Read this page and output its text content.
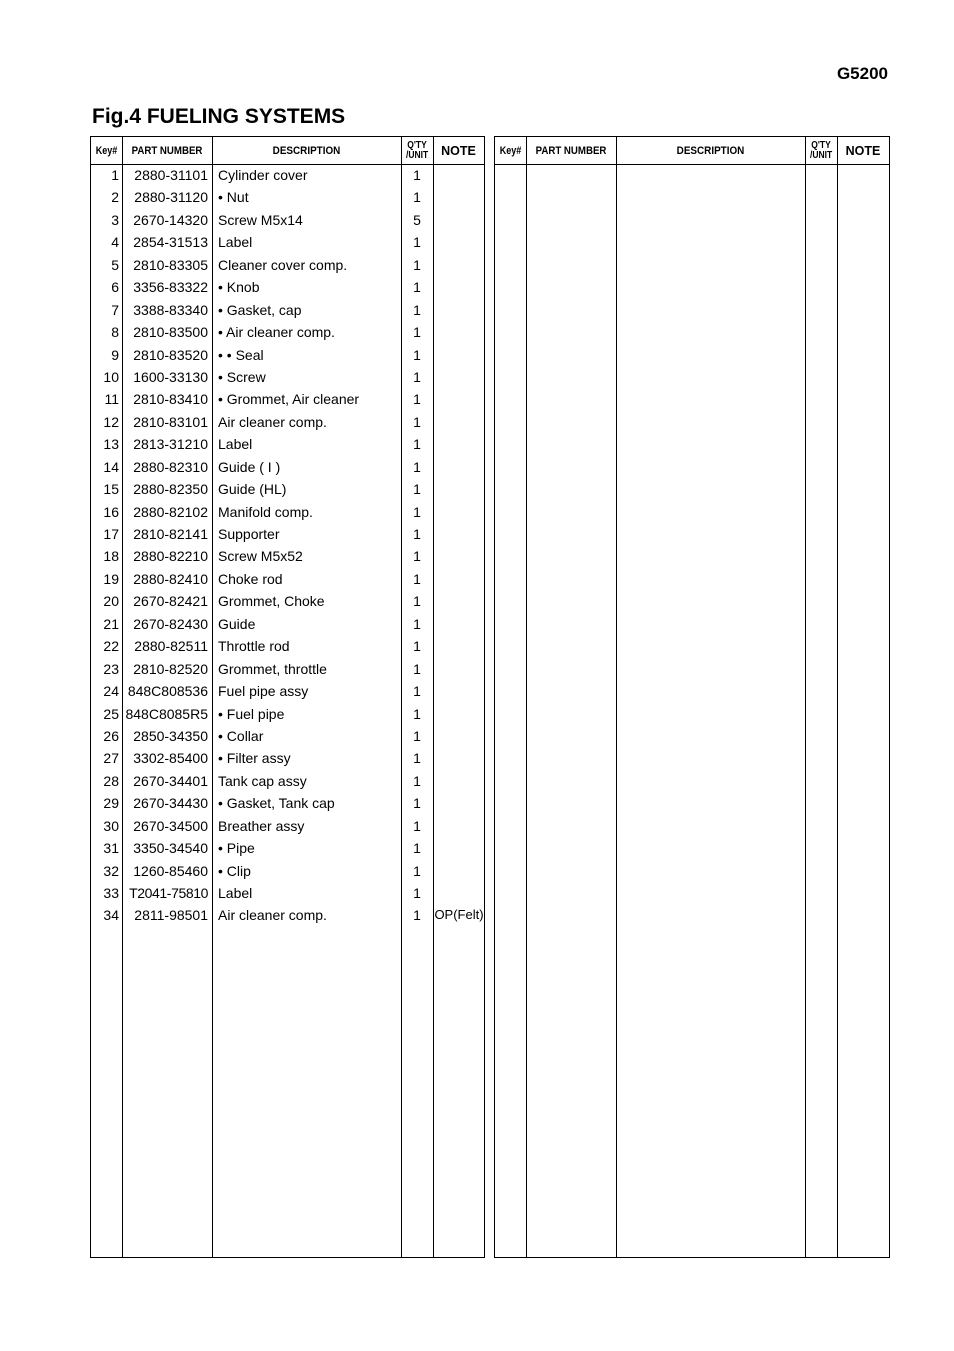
G5200
Fig.4 FUELING SYSTEMS
Key#	PART NUMBER	DESCRIPTION	Q'TY
/UNIT	NOTE
1	2880-31101 Cylinder cover	1
2	2880-31120 • Nut	1
3	2670-14320 Screw M5x14	5
4	2854-31513 Label	1
5	2810-83305 Cleaner cover comp.	1
6	3356-83322 • Knob	1
7	3388-83340 • Gasket, cap	1
8	2810-83500 • Air cleaner comp.	1
9	2810-83520 • • Seal	1
10	1600-33130 • Screw	1
11	2810-83410 • Grommet, Air cleaner	1
12	2810-83101 Air cleaner comp.	1
13	2813-31210 Label	1
14	2880-82310 Guide ( I )	1
15	2880-82350 Guide (HL)	1
16	2880-82102 Manifold comp.	1
17	2810-82141 Supporter	1
18	2880-82210 Screw M5x52	1
19	2880-82410 Choke rod	1
20	2670-82421 Grommet, Choke	1
21	2670-82430 Guide	1
22	2880-82511 Throttle rod	1
23	2810-82520 Grommet, throttle	1
24 848C808536 Fuel pipe assy	1
25 848C8085R5 • Fuel pipe	1
26	2850-34350 • Collar	1
27	3302-85400 • Filter assy	1
28	2670-34401 Tank cap assy	1
29	2670-34430 • Gasket, Tank cap	1
30	2670-34500 Breather assy	1
31	3350-34540 • Pipe	1
32	1260-85460 • Clip	1
33 T2041-75810 Label	1
34	2811-98501 Air cleaner comp.	1	OP(Felt)
Key#	PART NUMBER	DESCRIPTION	Q'TY
/UNIT	NOTE
